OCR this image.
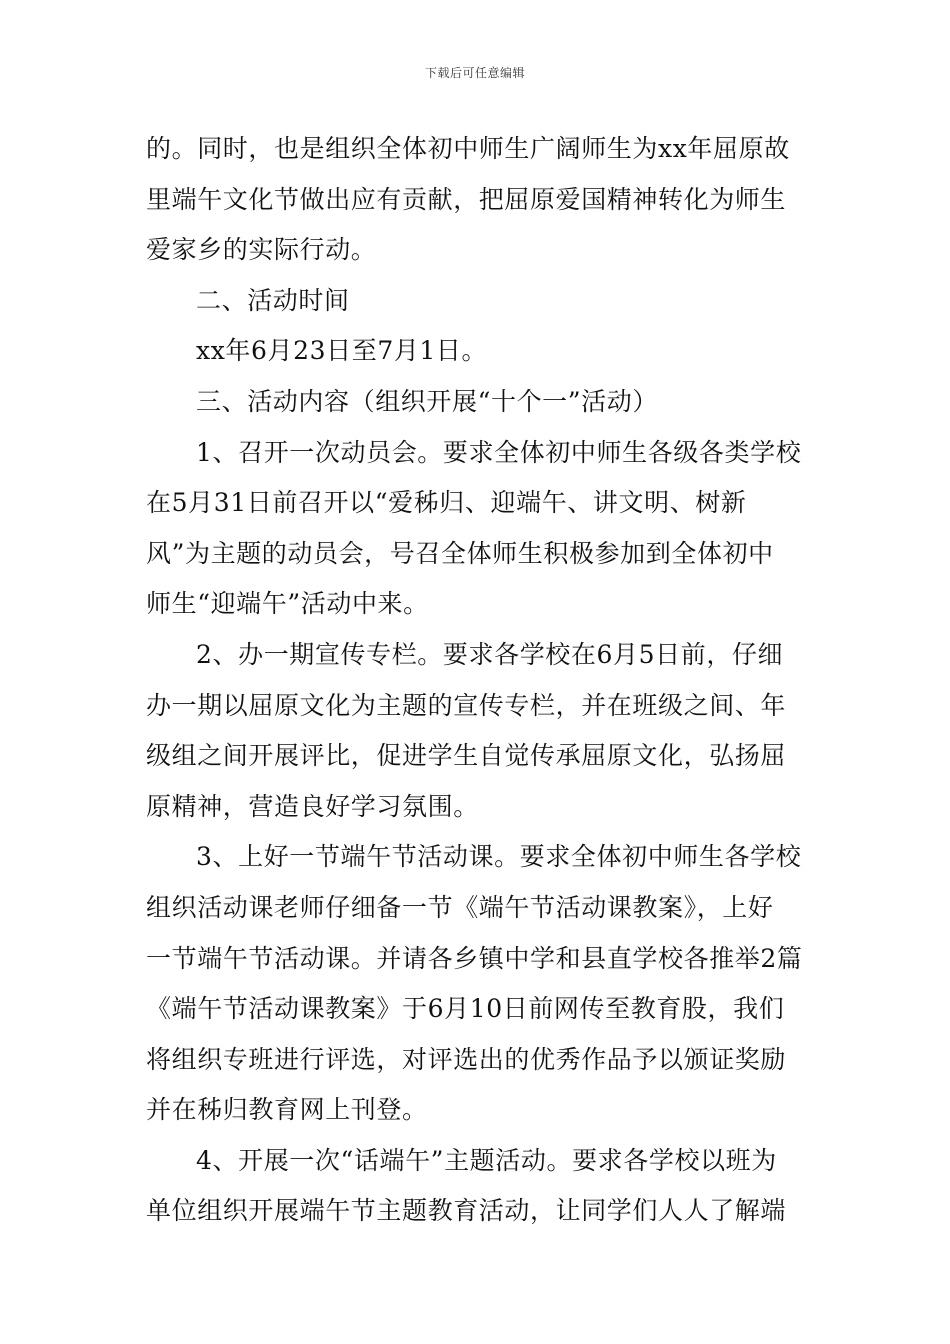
下载后可任意编辑
的。同时，也是组织全体初中师生广阔师生为xx年屈原故
里端午文化节做出应有贡献，把屈原爱国精神转化为师生
爱家乡的实际行动。
二、活动时间
xx年6月23日至7月1日。
三、活动内容（组织开展“十个一”活动）
1、召开一次动员会。要求全体初中师生各级各类学校
在5月31日前召开以“爱秭归、迎端午、讲文明、树新
风”为主题的动员会，号召全体师生积极参加到全体初中
师生“迎端午”活动中来。
2、办一期宣传专栏。要求各学校在6月5日前，仔细
办一期以屈原文化为主题的宣传专栏，并在班级之间、年
级组之间开展评比，促进学生自觉传承屈原文化，弘扬屈
原精神，营造良好学习氛围。
3、上好一节端午节活动课。要求全体初中师生各学校
组织活动课老师仔细备一节《端午节活动课教案》，上好
一节端午节活动课。并请各乡镇中学和县直学校各推举2篇
《端午节活动课教案》于6月10日前网传至教育股，我们
将组织专班进行评选，对评选出的优秀作品予以颁证奖励
并在秭归教育网上刊登。
4、开展一次“话端午”主题活动。要求各学校以班为
单位组织开展端午节主题教育活动，让同学们人人了解端
